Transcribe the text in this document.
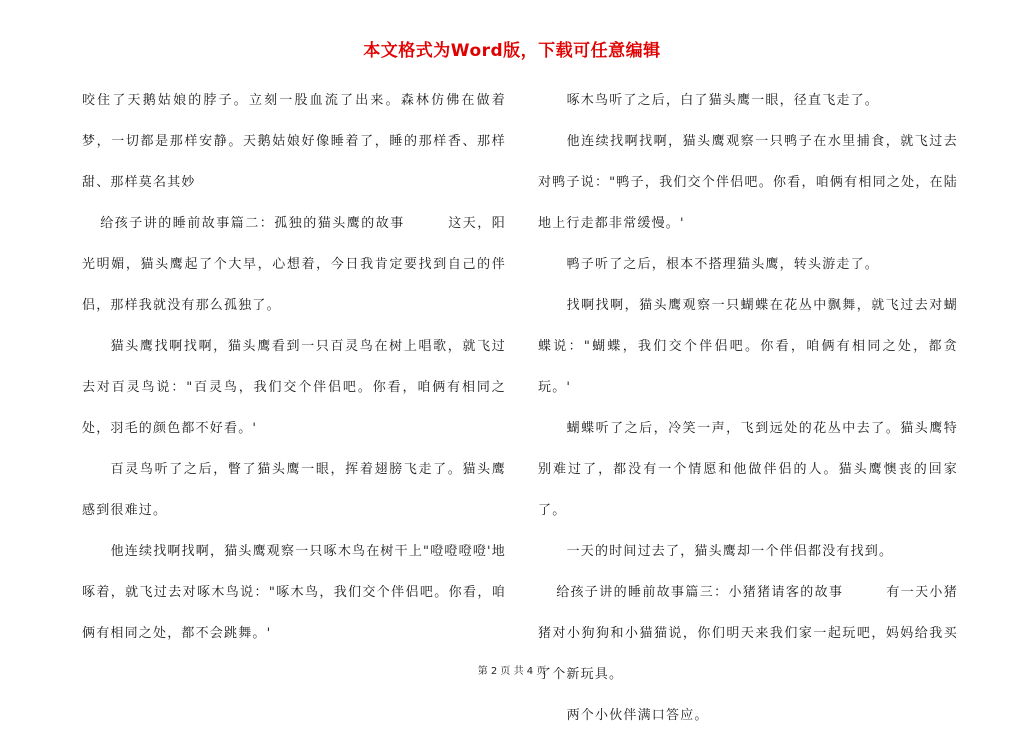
本文格式为Word版，下载可任意编辑

咬住了天鹅姑娘的脖子。立刻一股血流了出来。森林仿佛在做着梦，一切都是那样安静。天鹅姑娘好像睡着了，睡的那样香、那样甜、那样莫名其妙

给孩子讲的睡前故事篇二：孤独的猫头鹰的故事　　　这天，阳光明媚，猫头鹰起了个大早，心想着，今日我肯定要找到自己的伴侣，那样我就没有那么孤独了。

猫头鹰找啊找啊，猫头鹰看到一只百灵鸟在树上唱歌，就飞过去对百灵鸟说："百灵鸟，我们交个伴侣吧。你看，咱俩有相同之处，羽毛的颜色都不好看。'

百灵鸟听了之后，瞥了猫头鹰一眼，挥着翅膀飞走了。猫头鹰感到很难过。

他连续找啊找啊，猫头鹰观察一只啄木鸟在树干上"噔噔噔噔'地啄着，就飞过去对啄木鸟说："啄木鸟，我们交个伴侣吧。你看，咱俩有相同之处，都不会跳舞。'

啄木鸟听了之后，白了猫头鹰一眼，径直飞走了。

他连续找啊找啊，猫头鹰观察一只鸭子在水里捕食，就飞过去对鸭子说："鸭子，我们交个伴侣吧。你看，咱俩有相同之处，在陆地上行走都非常缓慢。'

鸭子听了之后，根本不搭理猫头鹰，转头游走了。

找啊找啊，猫头鹰观察一只蝴蝶在花丛中飘舞，就飞过去对蝴蝶说："蝴蝶，我们交个伴侣吧。你看，咱俩有相同之处，都贪玩。'

蝴蝶听了之后，冷笑一声，飞到远处的花丛中去了。猫头鹰特别难过了，都没有一个情愿和他做伴侣的人。猫头鹰懊丧的回家了。

一天的时间过去了，猫头鹰却一个伴侣都没有找到。

给孩子讲的睡前故事篇三：小猪猪请客的故事　　　有一天小猪猪对小狗狗和小猫猫说，你们明天来我们家一起玩吧，妈妈给我买了个新玩具。

两个小伙伴满口答应。

第 2 页 共 4 页
